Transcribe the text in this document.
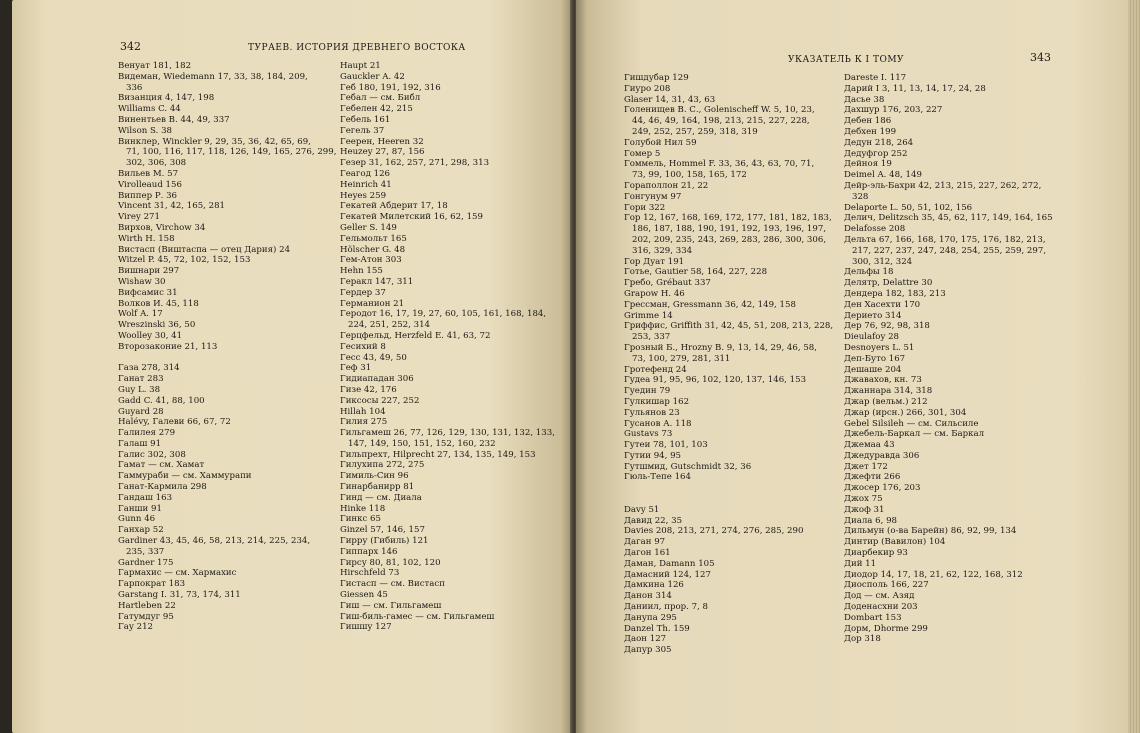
342	ТУРАЕВ. ИСТОРИЯ ДРЕВНЕГО ВОСТОКА
Венуат 181, 182
Видеман, Wiedemann 17, 33, 38, 184, 209,
336
Визанция 4, 147, 198
Williams C. 44
Винентьев В. 44, 49, 337
Wilson S. 38
Винклер, Winckler 9, 29, 35, 36, 42, 65, 69,
71, 100, 116, 117, 118, 126, 149, 165, 276, 299,
302, 306, 308
Вильев М. 57
Virolleaud 156
Виппер Р. 36
Vincent 31, 42, 165, 281
Virey 271
Вирхов, Virchow 34
Wirth H. 158
Вистасп (Виштаспа — отец Дария) 24
Witzel P. 45, 72, 102, 152, 153
Вишнари 297
Wishaw 30
Вифсамис 31
Волков И. 45, 118
Wolf A. 17
Wreszinski 36, 50
Woolley 30, 41
Второзаконие 21, 113
Газа 278, 314
Ганат 283
Guy L. 38
Gadd C. 41, 88, 100
Guyard 28
Halévy, Галеви 66, 67, 72
Галилея 279
Галаш 91
Галис 302, 308
Гамат — см. Хамат
Гаммураби — см. Хаммурапи
Ганат-Кармила 298
Гандаш 163
Ганши 91
Gunn 46
Ганхар 52
Gardiner 43, 45, 46, 58, 213, 214, 225, 234,
235, 337
Gardner 175
Гармахис — см. Хармахис
Гарпократ 183
Garstang I. 31, 73, 174, 311
Hartleben 22
Гатумдуг 95
Гау 212
Haupt 21
Gauckler A. 42
Геб 180, 191, 192, 316
Гебал — см. Библ
Гебелен 42, 215
Гебель 161
Гегель 37
Геерен, Heeren 32
Heuzey 27, 87, 156
Гезер 31, 162, 257, 271, 298, 313
Геагод 126
Heinrich 41
Heyes 259
Гекатей Абдерит 17, 18
Гекатей Милетский 16, 62, 159
Geller S. 149
Гельмольт 165
Hölscher G. 48
Гем-Атон 303
Hehn 155
Геракл 147, 311
Гердер 37
Германион 21
Геродот 16, 17, 19, 27, 60, 105, 161, 168, 184,
224, 251, 252, 314
Герцфельд, Herzfeld E. 41, 63, 72
Гесихий 8
Гесс 43, 49, 50
Геф 31
Гидиападан 306
Гизе 42, 176
Гиксосы 227, 252
Hillah 104
Гилия 275
Гильгамеш 26, 77, 126, 129, 130, 131, 132, 133,
147, 149, 150, 151, 152, 160, 232
Гильпрехт, Hilprecht 27, 134, 135, 149, 153
Гилухипа 272, 275
Гимиль-Син 96
Гинарбанирр 81
Гинд — см. Диала
Hinke 118
Гинкс 65
Ginzel 57, 146, 157
Гирру (Гибиль) 121
Гиппарх 146
Гирсу 80, 81, 102, 120
Hirschfeld 73
Гистасп — см. Вистасп
Giessen 45
Гиш — см. Гильгамеш
Гиш-биль-гамес — см. Гильгамеш
Гишшу 127
УКАЗАТЕЛЬ К I ТОМУ	343
Гишдубар 129
Гиуро 208
Glaser 14, 31, 43, 63
Голенищев В. С., Golenischeff W. 5, 10, 23,
44, 46, 49, 164, 198, 213, 215, 227, 228,
249, 252, 257, 259, 318, 319
Голубой Нил 59
Гомер 5
Гоммель, Hommel F. 33, 36, 43, 63, 70, 71,
73, 99, 100, 158, 165, 172
Гораполлон 21, 22
Гонгунум 97
Гори 322
Гор 12, 167, 168, 169, 172, 177, 181, 182, 183,
186, 187, 188, 190, 191, 192, 193, 196, 197,
202, 209, 235, 243, 269, 283, 286, 300, 306,
316, 329, 334
Гор Дуат 191
Готье, Gautier 58, 164, 227, 228
Гребо, Grébaut 337
Grapow H. 46
Грессман, Gressmann 36, 42, 149, 158
Grimme 14
Гриффис, Griffith 31, 42, 45, 51, 208, 213, 228,
253, 337
Грозный Б., Hrozny B. 9, 13, 14, 29, 46, 58,
73, 100, 279, 281, 311
Гротефенд 24
Гудеа 91, 95, 96, 102, 120, 137, 146, 153
Гуедин 79
Гулкишар 162
Гульянов 23
Гусанов А. 118
Gustavs 73
Гутеи 78, 101, 103
Гутии 94, 95
Гутшмид, Gutschmidt 32, 36
Гюль-Тепе 164
Davy 51
Давид 22, 35
Davies 208, 213, 271, 274, 276, 285, 290
Даган 97
Дагон 161
Даман, Damann 105
Дамасний 124, 127
Дамкина 126
Данон 314
Даниил, прор. 7, 8
Данупа 295
Danzel Th. 159
Даон 127
Дапур 305
Dareste I. 117
Дарий I 3, 11, 13, 14, 17, 24, 28
Дасье 38
Дахшур 176, 203, 227
Дебен 186
Дебхен 199
Дедун 218, 264
Дедуфгор 252
Дейноя 19
Deimel A. 48, 149
Дейр-эль-Бахри 42, 213, 215, 227, 262, 272,
328
Delaporte L. 50, 51, 102, 156
Делич, Delitzsch 35, 45, 62, 117, 149, 164, 165
Delafosse 208
Дельта 67, 166, 168, 170, 175, 176, 182, 213,
217, 227, 237, 247, 248, 254, 255, 259, 297,
300, 312, 324
Дельфы 18
Делятр, Delattre 30
Дендера 182, 183, 213
Ден Хасехти 170
Дерието 314
Дер 76, 92, 98, 318
Dieulafoy 28
Desnoyers L. 51
Деп-Буто 167
Дешаше 204
Джавахов, кн. 73
Джаннара 314, 318
Джар (вельм.) 212
Джар (ирсн.) 266, 301, 304
Gebel Silsileh — см. Сильсиле
Джебель-Баркал — см. Баркал
Джемаа 43
Джедуравда 306
Джет 172
Джефти 266
Джосер 176, 203
Джох 75
Джоф 31
Диала 6, 98
Дильмун (о-ва Барейн) 86, 92, 99, 134
Динтир (Вавилон) 104
Диарбекир 93
Дий 11
Диодор 14, 17, 18, 21, 62, 122, 168, 312
Диосполь 166, 227
Дод — см. Азяд
Доденасхни 203
Dombart 153
Дорм, Dhorme 299
Дор 318
